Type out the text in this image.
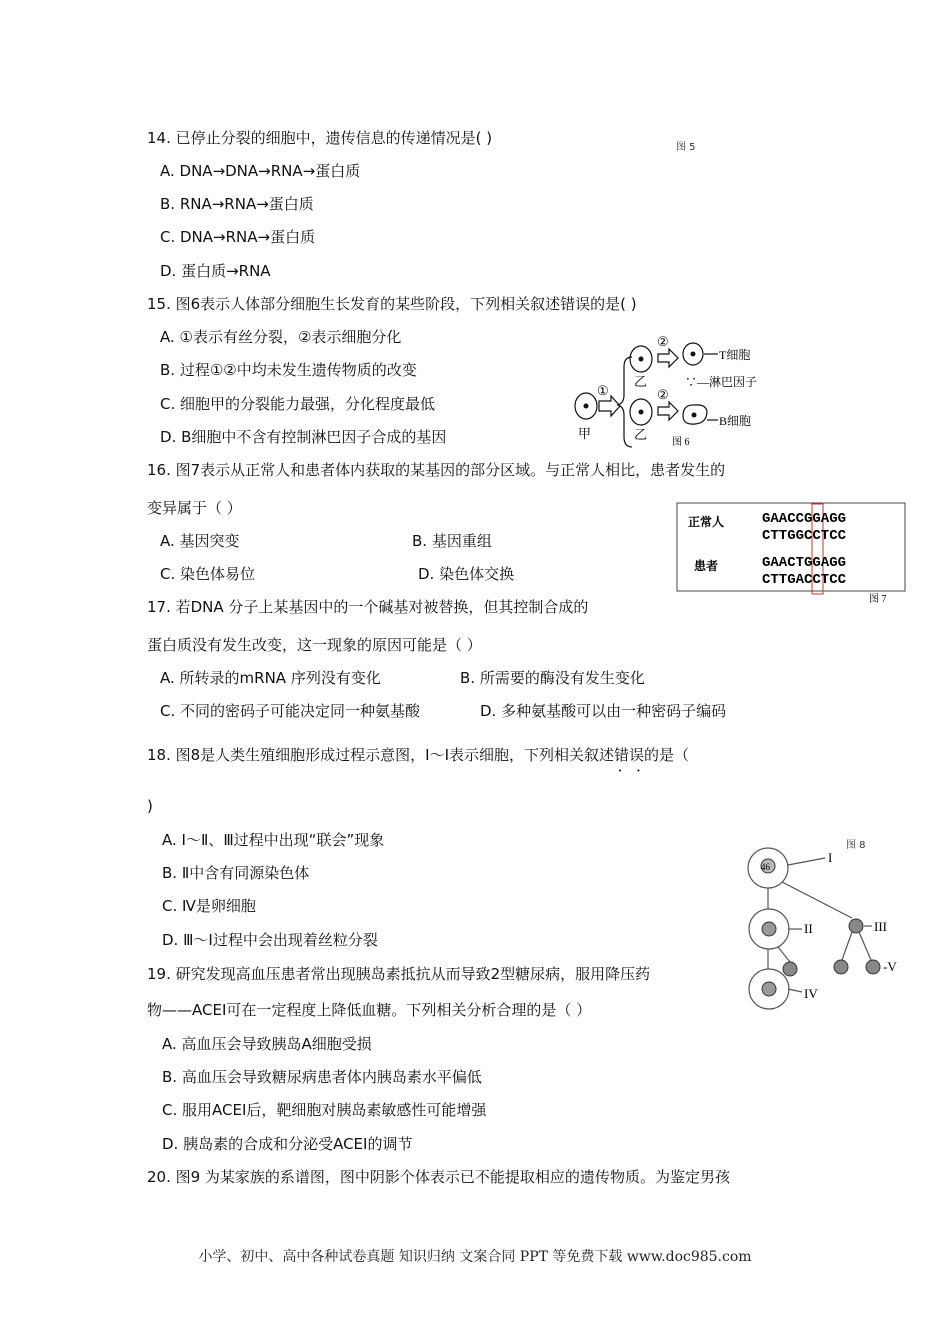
14. 已停止分裂的细胞中，遗传信息的传递情况是( )
A. DNA→DNA→RNA→蛋白质
B. RNA→RNA→蛋白质
C. DNA→RNA→蛋白质
D. 蛋白质→RNA
15. 图6表示人体部分细胞生长发育的某些阶段，下列相关叙述错误的是( )
A. ①表示有丝分裂，②表示细胞分化
B. 过程①②中均未发生遗传物质的改变
C. 细胞甲的分裂能力最强，分化程度最低
D. B细胞中不含有控制淋巴因子合成的基因
16. 图7表示从正常人和患者体内获取的某基因的部分区域。与正常人相比，患者发生的
变异属于（ ）
A. 基因突变	B. 基因重组
C. 染色体易位	D. 染色体交换
17. 若DNA 分子上某基因中的一个碱基对被替换，但其控制合成的
蛋白质没有发生改变，这一现象的原因可能是（ ）
A. 所转录的mRNA 序列没有变化	B. 所需要的酶没有发生变化
C. 不同的密码子可能决定同一种氨基酸	D. 多种氨基酸可以由一种密码子编码
18. 图8是人类生殖细胞形成过程示意图，Ⅰ～Ⅰ表示细胞，下列相关叙述错误 • •的是（
)
A. Ⅰ～Ⅱ、Ⅲ过程中出现“联会”现象
B. Ⅱ中含有同源染色体
C. Ⅳ是卵细胞
D. Ⅲ～Ⅰ过程中会出现着丝粒分裂
19. 研究发现高血压患者常出现胰岛素抵抗从而导致2型糖尿病，服用降压药
物——ACEI可在一定程度上降低血糖。下列相关分析合理的是（ ）
A. 高血压会导致胰岛A细胞受损
B. 高血压会导致糖尿病患者体内胰岛素水平偏低
C. 服用ACEI后，靶细胞对胰岛素敏感性可能增强
D. 胰岛素的合成和分泌受ACEI的调节
20. 图9 为某家族的系谱图，图中阴影个体表示已不能提取相应的遗传物质。为鉴定男孩
图 5
甲
乙
乙
①
②
②
T细胞
∵—淋巴因子
B细胞
图 6
正常人
患者
GAACCGGAGG
CTTGGCCTCC
GAACTGGAGG
CTTGACCTCC
图 7
46
I
II	III
IV
-V
图 8
小学、初中、高中各种试卷真题 知识归纳 文案合同 PPT 等免费下载 www.doc985.com
